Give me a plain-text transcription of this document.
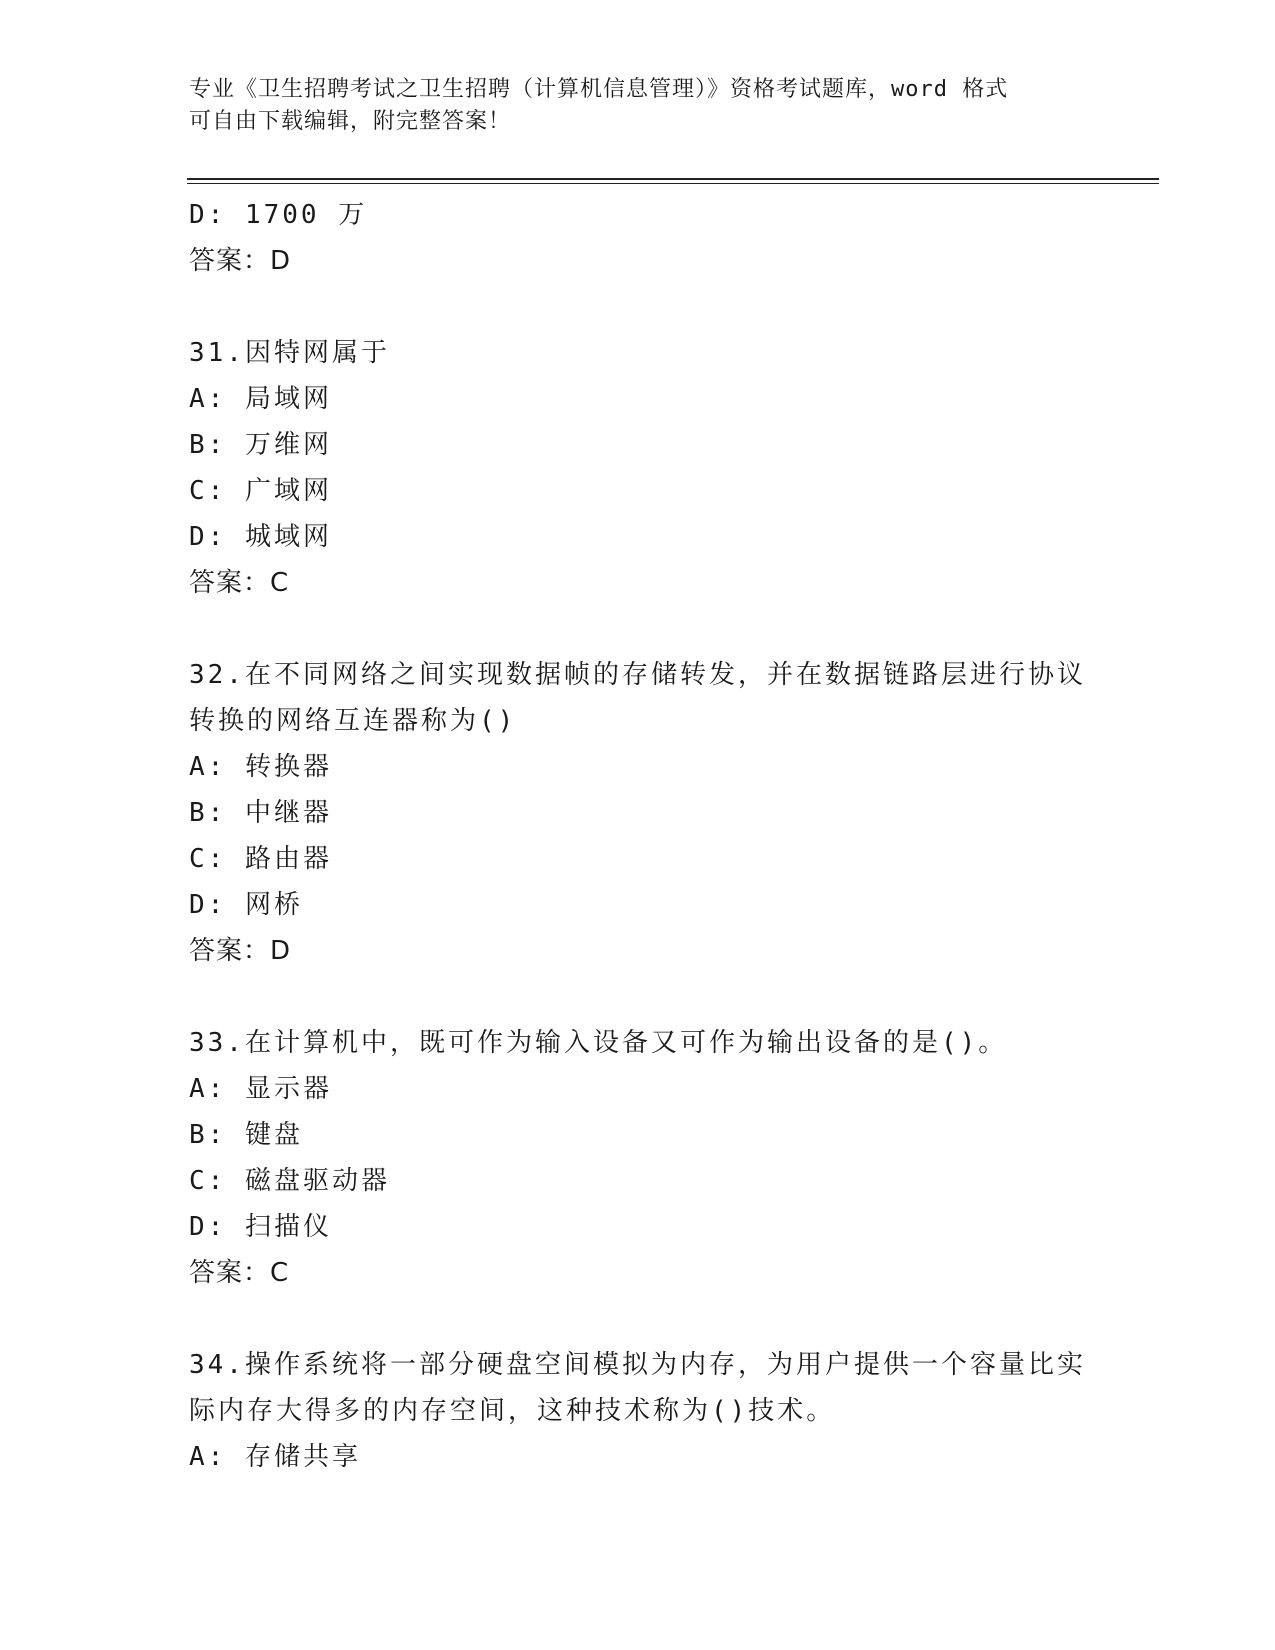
专业《卫生招聘考试之卫生招聘（计算机信息管理）》资格考试题库，word 格式
可自由下载编辑，附完整答案！
D: 1700 万
答案：D
31.因特网属于
A: 局域网
B: 万维网
C: 广域网
D: 城域网
答案：C
32.在不同网络之间实现数据帧的存储转发，并在数据链路层进行协议
转换的网络互连器称为()
A: 转换器
B: 中继器
C: 路由器
D: 网桥
答案：D
33.在计算机中，既可作为输入设备又可作为输出设备的是()。
A: 显示器
B: 键盘
C: 磁盘驱动器
D: 扫描仪
答案：C
34.操作系统将一部分硬盘空间模拟为内存，为用户提供一个容量比实
际内存大得多的内存空间，这种技术称为()技术。
A: 存储共享
